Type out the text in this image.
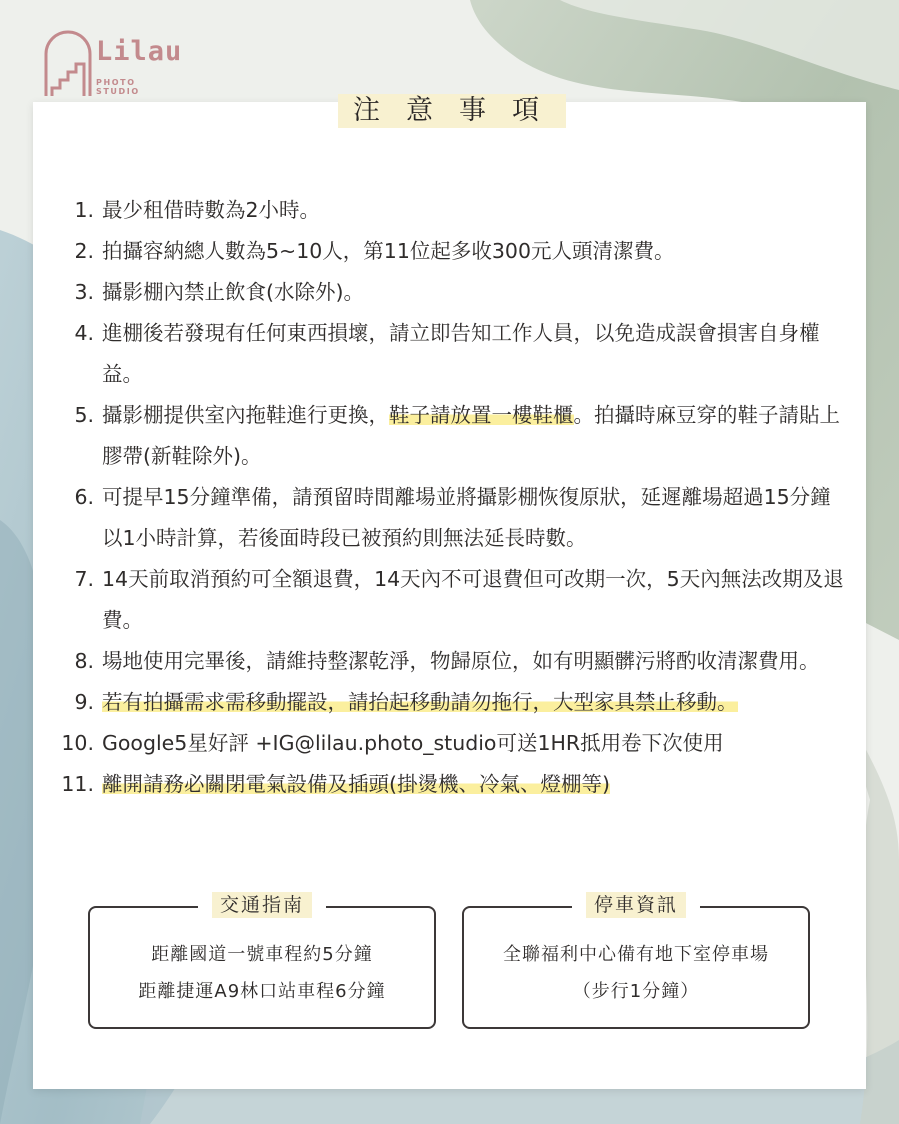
Lilau
PHOTO STUDIO
注意事項
1. 最少租借時數為2小時。
2. 拍攝容納總人數為5~10人，第11位起多收300元人頭清潔費。
3. 攝影棚內禁止飲食(水除外)。
4. 進棚後若發現有任何東西損壞，請立即告知工作人員，以免造成誤會損害自身權益。
5. 攝影棚提供室內拖鞋進行更換，鞋子請放置一樓鞋櫃。拍攝時麻豆穿的鞋子請貼上膠帶(新鞋除外)。
6. 可提早15分鐘準備，請預留時間離場並將攝影棚恢復原狀，延遲離場超過15分鐘以1小時計算，若後面時段已被預約則無法延長時數。
7. 14天前取消預約可全額退費，14天內不可退費但可改期一次，5天內無法改期及退費。
8. 場地使用完畢後，請維持整潔乾淨，物歸原位，如有明顯髒污將酌收清潔費用。
9. 若有拍攝需求需移動擺設，請抬起移動請勿拖行，大型家具禁止移動。
10. Google5星好評 +IG@lilau.photo_studio可送1HR抵用卷下次使用
11. 離開請務必關閉電氣設備及插頭(掛燙機、冷氣、燈棚等)
交通指南
距離國道一號車程約5分鐘
距離捷運A9林口站車程6分鐘
停車資訊
全聯福利中心備有地下室停車場
（步行1分鐘）
